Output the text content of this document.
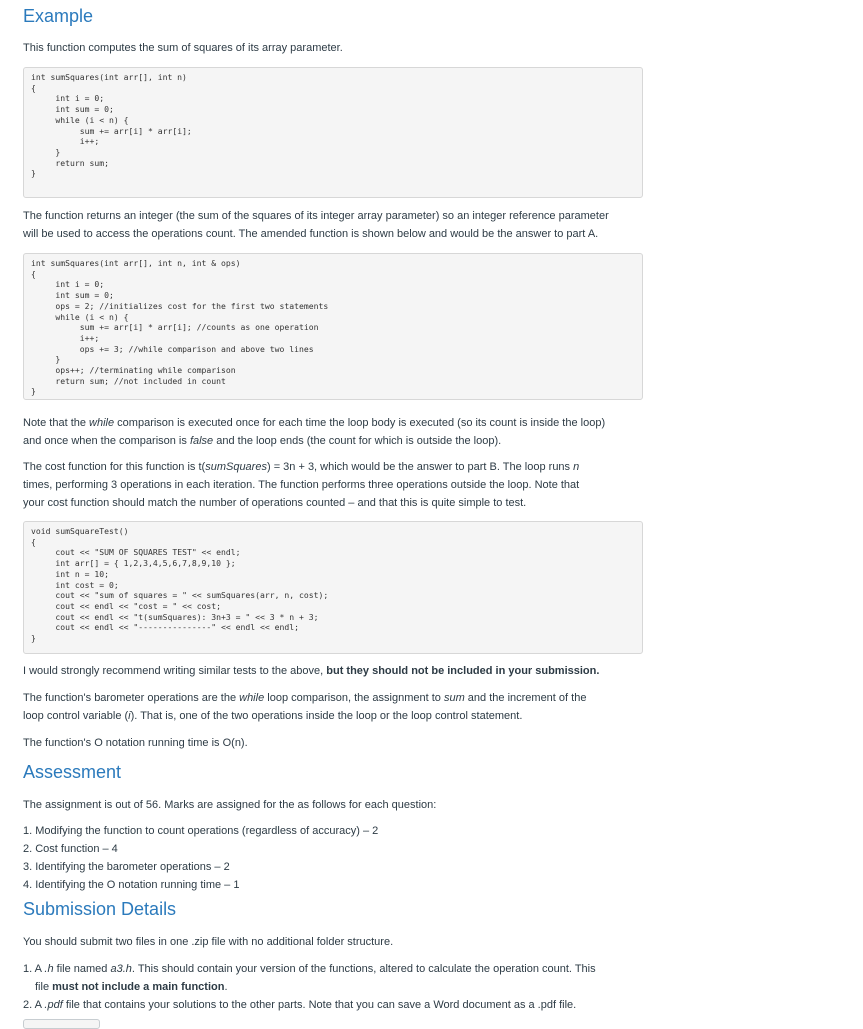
Example

This function computes the sum of squares of its array parameter.

int sumSquares(int arr[], int n)
{
	int i = 0;
	int sum = 0;
	while (i < n) {
		sum += arr[i] * arr[i];
		i++;
	}
	return sum;
}

The function returns an integer (the sum of the squares of its integer array parameter) so an integer reference parameter
will be used to access the operations count. The amended function is shown below and would be the answer to part A.

int sumSquares(int arr[], int n, int & ops)
{
	int i = 0;
	int sum = 0;
	ops = 2; //initializes cost for the first two statements
	while (i < n) {
		sum += arr[i] * arr[i]; //counts as one operation
		i++;
		ops += 3; //while comparison and above two lines
	}
	ops++; //terminating while comparison
	return sum; //not included in count
}

Note that the while comparison is executed once for each time the loop body is executed (so its count is inside the loop)
and once when the comparison is false and the loop ends (the count for which is outside the loop).

The cost function for this function is t(sumSquares) = 3n + 3, which would be the answer to part B. The loop runs n
times, performing 3 operations in each iteration. The function performs three operations outside the loop. Note that
your cost function should match the number of operations counted – and that this is quite simple to test.

void sumSquareTest()
{
	cout << "SUM OF SQUARES TEST" << endl;
	int arr[] = { 1,2,3,4,5,6,7,8,9,10 };
	int n = 10;
	int cost = 0;
	cout << "sum of squares = " << sumSquares(arr, n, cost);
	cout << endl << "cost = " << cost;
	cout << endl << "t(sumSquares): 3n+3 = " << 3 * n + 3;
	cout << endl << "---------------" << endl << endl;
}

I would strongly recommend writing similar tests to the above, but they should not be included in your submission.

The function's barometer operations are the while loop comparison, the assignment to sum and the increment of the
loop control variable (i). That is, one of the two operations inside the loop or the loop control statement.

The function's O notation running time is O(n).

Assessment

The assignment is out of 56. Marks are assigned for the as follows for each question:

1. Modifying the function to count operations (regardless of accuracy) – 2
2. Cost function – 4
3. Identifying the barometer operations – 2
4. Identifying the O notation running time – 1
Submission Details

You should submit two files in one .zip file with no additional folder structure.

1. A .h file named a3.h. This should contain your version of the functions, altered to calculate the operation count. This
file must not include a main function.
2. A .pdf file that contains your solutions to the other parts. Note that you can save a Word document as a .pdf file.
